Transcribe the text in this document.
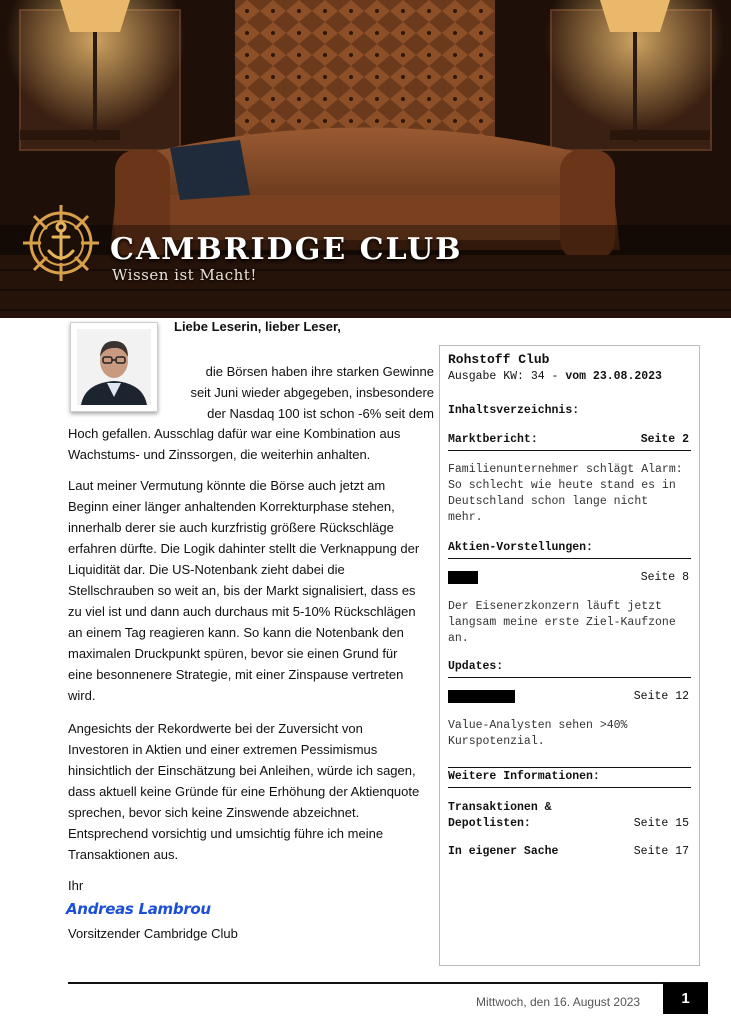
CAMBRIDGE CLUB
Wissen ist Macht!
Liebe Leserin, lieber Leser,
die Börsen haben ihre starken Gewinne
seit Juni wieder abgegeben, insbesondere
der Nasdaq 100 ist schon -6% seit dem

Hoch gefallen. Ausschlag dafür war eine Kombination aus Wachstums- und Zinssorgen, die weiterhin anhalten.

Laut meiner Vermutung könnte die Börse auch jetzt am Beginn einer länger anhaltenden Korrekturphase stehen, innerhalb derer sie auch kurzfristig größere Rückschläge erfahren dürfte. Die Logik dahinter stellt die Verknappung der Liquidität dar. Die US-Notenbank zieht dabei die Stellschrauben so weit an, bis der Markt signalisiert, dass es zu viel ist und dann auch durchaus mit 5-10% Rückschlägen an einem Tag reagieren kann. So kann die Notenbank den maximalen Druckpunkt spüren, bevor sie einen Grund für eine besonnenere Strategie, mit einer Zinspause vertreten wird.

Angesichts der Rekordwerte bei der Zuversicht von Investoren in Aktien und einer extremen Pessimismus hinsichtlich der Einschätzung bei Anleihen, würde ich sagen, dass aktuell keine Gründe für eine Erhöhung der Aktienquote sprechen, bevor sich keine Zinswende abzeichnet. Entsprechend vorsichtig und umsichtig führe ich meine Transaktionen aus.

Ihr
Andreas Lambrou
Vorsitzender Cambridge Club
Rohstoff Club
Ausgabe KW: 34 - vom 23.08.2023
Inhaltsverzeichnis:
Marktbericht:	Seite 2
Familienunternehmer schlägt Alarm: So schlecht wie heute stand es in Deutschland schon lange nicht mehr.
Aktien-Vorstellungen:
Seite 8
Der Eisenerzkonzern läuft jetzt langsam meine erste Ziel-Kaufzone an.
Updates:
Seite 12
Value-Analysten sehen >40% Kurspotenzial.
Weitere Informationen:
Transaktionen &
Depotlisten:	Seite 15
In eigener Sache	Seite 17
Mittwoch, den 16. August 2023	1
